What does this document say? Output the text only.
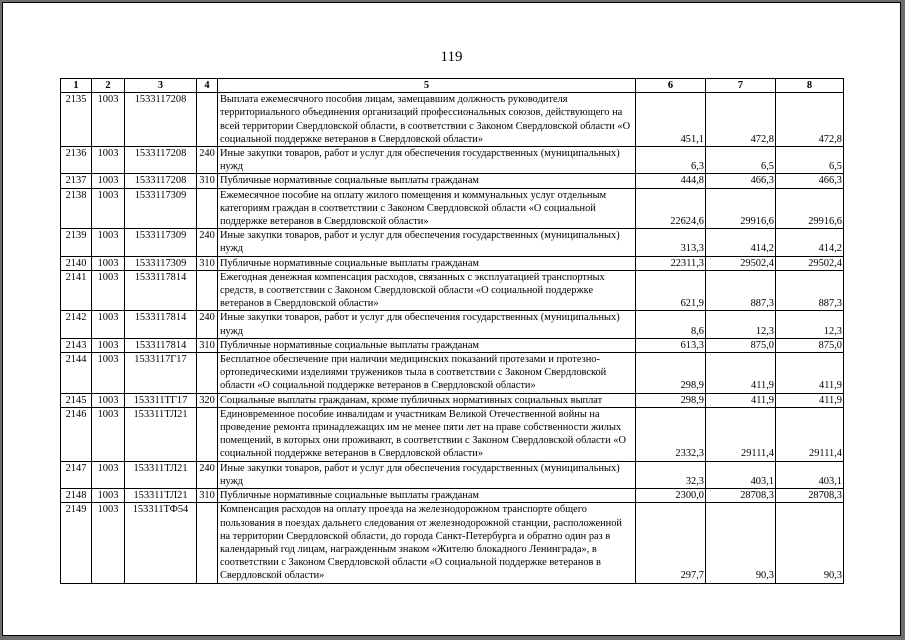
119
1	2	3	4	5	6	7	8
2135	1003	1533117208		Выплата ежемесячного пособия лицам, замещавшим должность руководителя территориального объединения организаций профессиональных союзов, действующего на всей территории Свердловской области, в соответствии с Законом Свердловской области «О социальной поддержке ветеранов в Свердловской области»	451,1	472,8	472,8
2136	1003	1533117208	240	Иные закупки товаров, работ и услуг для обеспечения государственных (муниципальных) нужд	6,3	6,5	6,5
2137	1003	1533117208	310	Публичные нормативные социальные выплаты гражданам	444,8	466,3	466,3
2138	1003	1533117309		Ежемесячное пособие на оплату жилого помещения и коммунальных услуг отдельным категориям граждан в соответствии с Законом Свердловской области «О социальной поддержке ветеранов в Свердловской области»	22624,6	29916,6	29916,6
2139	1003	1533117309	240	Иные закупки товаров, работ и услуг для обеспечения государственных (муниципальных) нужд	313,3	414,2	414,2
2140	1003	1533117309	310	Публичные нормативные социальные выплаты гражданам	22311,3	29502,4	29502,4
2141	1003	1533117814		Ежегодная денежная компенсация расходов, связанных с эксплуатацией транспортных средств, в соответствии с Законом Свердловской области «О социальной поддержке ветеранов в Свердловской области»	621,9	887,3	887,3
2142	1003	1533117814	240	Иные закупки товаров, работ и услуг для обеспечения государственных (муниципальных) нужд	8,6	12,3	12,3
2143	1003	1533117814	310	Публичные нормативные социальные выплаты гражданам	613,3	875,0	875,0
2144	1003	1533117Г17		Бесплатное обеспечение при наличии медицинских показаний протезами и протезно-ортопедическими изделиями тружеников тыла в соответствии с Законом Свердловской области «О социальной поддержке ветеранов в Свердловской области»	298,9	411,9	411,9
2145	1003	153311ТГ17	320	Социальные выплаты гражданам, кроме публичных нормативных социальных выплат	298,9	411,9	411,9
2146	1003	153311ТЛ21		Единовременное пособие инвалидам и участникам Великой Отечественной войны на проведение ремонта принадлежащих им не менее пяти лет на праве собственности жилых помещений, в которых они проживают, в соответствии с Законом Свердловской области «О социальной поддержке ветеранов в Свердловской области»	2332,3	29111,4	29111,4
2147	1003	153311ТЛ21	240	Иные закупки товаров, работ и услуг для обеспечения государственных (муниципальных) нужд	32,3	403,1	403,1
2148	1003	153311ТЛ21	310	Публичные нормативные социальные выплаты гражданам	2300,0	28708,3	28708,3
2149	1003	153311ТФ54		Компенсация расходов на оплату проезда на железнодорожном транспорте общего пользования в поездах дальнего следования от железнодорожной станции, расположенной на территории Свердловской области, до города Санкт-Петербурга и обратно один раз в календарный год лицам, награжденным знаком «Жителю блокадного Ленинграда», в соответствии с Законом Свердловской области «О социальной поддержке ветеранов в Свердловской области»	297,7	90,3	90,3
